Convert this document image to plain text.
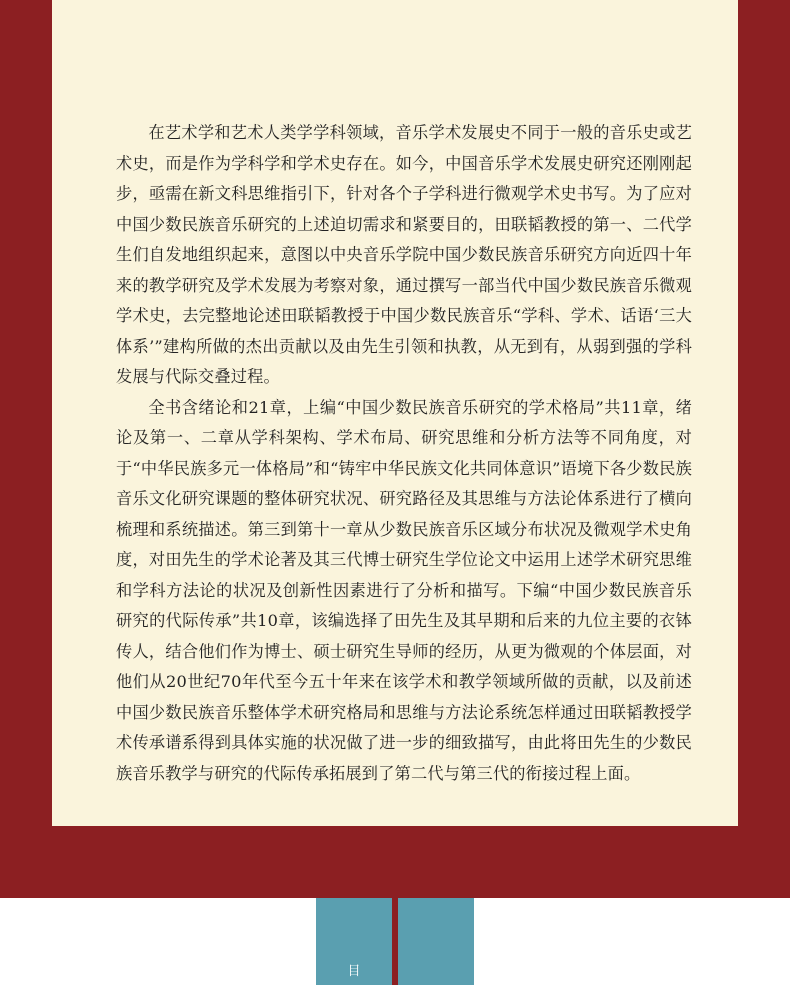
在艺术学和艺术人类学学科领域，音乐学术发展史不同于一般的音乐史或艺术史，而是作为学科学和学术史存在。如今，中国音乐学术发展史研究还刚刚起步，亟需在新文科思维指引下，针对各个子学科进行微观学术史书写。为了应对中国少数民族音乐研究的上述迫切需求和紧要目的，田联韬教授的第一、二代学生们自发地组织起来，意图以中央音乐学院中国少数民族音乐研究方向近四十年来的教学研究及学术发展为考察对象，通过撰写一部当代中国少数民族音乐微观学术史，去完整地论述田联韬教授于中国少数民族音乐“学科、学术、话语‘三大体系’”建构所做的杰出贡献以及由先生引领和执教，从无到有，从弱到强的学科发展与代际交叠过程。

全书含绪论和21章，上编“中国少数民族音乐研究的学术格局”共11章，绪论及第一、二章从学科架构、学术布局、研究思维和分析方法等不同角度，对于“中华民族多元一体格局”和“铸牢中华民族文化共同体意识”语境下各少数民族音乐文化研究课题的整体研究状况、研究路径及其思维与方法论体系进行了横向梳理和系统描述。第三到第十一章从少数民族音乐区域分布状况及微观学术史角度，对田先生的学术论著及其三代博士研究生学位论文中运用上述学术研究思维和学科方法论的状况及创新性因素进行了分析和描写。下编“中国少数民族音乐研究的代际传承”共10章，该编选择了田先生及其早期和后来的九位主要的衣钵传人，结合他们作为博士、硕士研究生导师的经历，从更为微观的个体层面，对他们从20世纪70年代至今五十年来在该学术和教学领域所做的贡献，以及前述中国少数民族音乐整体学术研究格局和思维与方法论系统怎样通过田联韬教授学术传承谱系得到具体实施的状况做了进一步的细致描写，由此将田先生的少数民族音乐教学与研究的代际传承拓展到了第二代与第三代的衔接过程上面。

目
